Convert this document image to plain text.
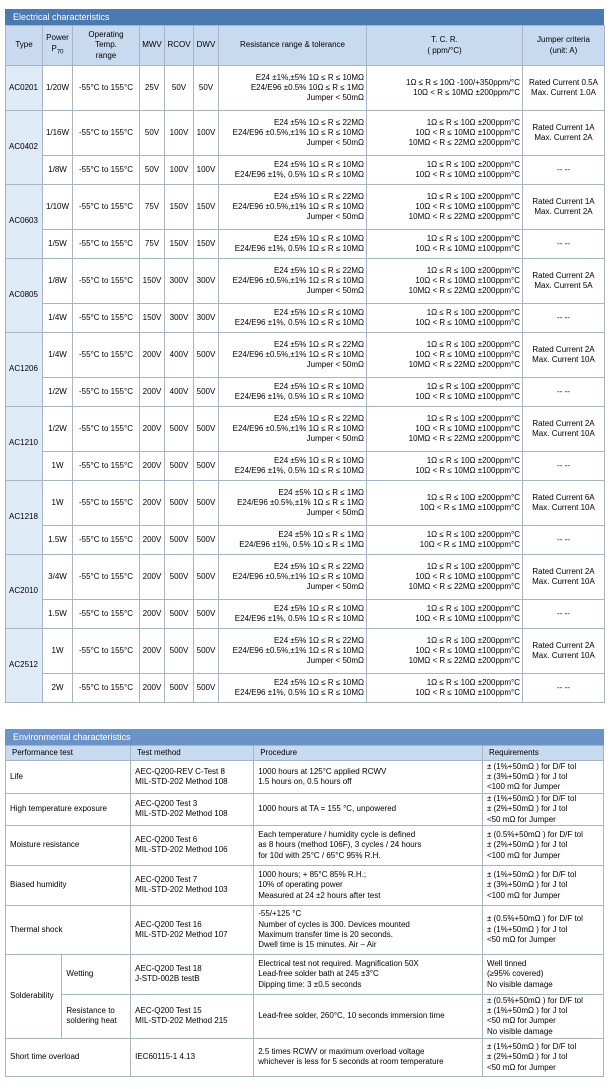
Electrical characteristics
Type	Power
$P_{70}$	Operating
Temp.
range	MWV	RCOV	DWV	Resistance range & tolerance	T. C. R.
( ppm/°C)	Jumper criteria
(unit: A)
AC0201	1/20W	-55°C to 155°C	25V	50V	50V	E24 ±1%,±5% 1Ω ≤ R ≤ 10MΩ
E24/E96 ±0.5% 10Ω ≤ R ≤ 1MΩ
Jumper < 50mΩ	1Ω ≤ R ≤ 10Ω -100/+350ppm/°C
10Ω < R ≤ 10MΩ ±200ppm/°C	Rated Current 0.5A
Max. Current 1.0A
AC0402	1/16W	-55°C to 155°C	50V	100V	100V	E24 ±5% 1Ω ≤ R ≤ 22MΩ
E24/E96 ±0.5%,±1% 1Ω ≤ R ≤ 10MΩ
Jumper < 50mΩ	1Ω ≤ R ≤ 10Ω ±200ppm°C
10Ω < R ≤ 10MΩ ±100ppm°C
10MΩ < R ≤ 22MΩ ±200ppm°C	Rated Current 1A
Max. Current 2A
	1/8W	-55°C to 155°C	50V	100V	100V	E24 ±5% 1Ω ≤ R ≤ 10MΩ
E24/E96 ±1%, 0.5% 1Ω ≤ R ≤ 10MΩ	1Ω ≤ R ≤ 10Ω ±200ppm°C
10Ω < R ≤ 10MΩ ±100ppm°C	-- --
AC0603	1/10W	-55°C to 155°C	75V	150V	150V	E24 ±5% 1Ω ≤ R ≤ 22MΩ
E24/E96 ±0.5%,±1% 1Ω ≤ R ≤ 10MΩ
Jumper < 50mΩ	1Ω ≤ R ≤ 10Ω ±200ppm°C
10Ω < R ≤ 10MΩ ±100ppm°C
10MΩ < R ≤ 22MΩ ±200ppm°C	Rated Current 1A
Max. Current 2A
	1/5W	-55°C to 155°C	75V	150V	150V	E24 ±5% 1Ω ≤ R ≤ 10MΩ
E24/E96 ±1%, 0.5% 1Ω ≤ R ≤ 10MΩ	1Ω ≤ R ≤ 10Ω ±200ppm°C
10Ω < R ≤ 10MΩ ±100ppm°C	-- --
AC0805	1/8W	-55°C to 155°C	150V	300V	300V	E24 ±5% 1Ω ≤ R ≤ 22MΩ
E24/E96 ±0.5%,±1% 1Ω ≤ R ≤ 10MΩ
Jumper < 50mΩ	1Ω ≤ R ≤ 10Ω ±200ppm°C
10Ω < R ≤ 10MΩ ±100ppm°C
10MΩ < R ≤ 22MΩ ±200ppm°C	Rated Current 2A
Max. Current 5A
	1/4W	-55°C to 155°C	150V	300V	300V	E24 ±5% 1Ω ≤ R ≤ 10MΩ
E24/E96 ±1%, 0.5% 1Ω ≤ R ≤ 10MΩ	1Ω ≤ R ≤ 10Ω ±200ppm°C
10Ω < R ≤ 10MΩ ±100ppm°C	-- --
AC1206	1/4W	-55°C to 155°C	200V	400V	500V	E24 ±5% 1Ω ≤ R ≤ 22MΩ
E24/E96 ±0.5%,±1% 1Ω ≤ R ≤ 10MΩ
Jumper < 50mΩ	1Ω ≤ R ≤ 10Ω ±200ppm°C
10Ω < R ≤ 10MΩ ±100ppm°C
10MΩ < R ≤ 22MΩ ±200ppm°C	Rated Current 2A
Max. Current 10A
	1/2W	-55°C to 155°C	200V	400V	500V	E24 ±5% 1Ω ≤ R ≤ 10MΩ
E24/E96 ±1%, 0.5% 1Ω ≤ R ≤ 10MΩ	1Ω ≤ R ≤ 10Ω ±200ppm°C
10Ω < R ≤ 10MΩ ±100ppm°C	-- --
AC1210	1/2W	-55°C to 155°C	200V	500V	500V	E24 ±5% 1Ω ≤ R ≤ 22MΩ
E24/E96 ±0.5%,±1% 1Ω ≤ R ≤ 10MΩ
Jumper < 50mΩ	1Ω ≤ R ≤ 10Ω ±200ppm°C
10Ω < R ≤ 10MΩ ±100ppm°C
10MΩ < R ≤ 22MΩ ±200ppm°C	Rated Current 2A
Max. Current 10A
	1W	-55°C to 155°C	200V	500V	500V	E24 ±5% 1Ω ≤ R ≤ 10MΩ
E24/E96 ±1%, 0.5% 1Ω ≤ R ≤ 10MΩ	1Ω ≤ R ≤ 10Ω ±200ppm°C
10Ω < R ≤ 10MΩ ±100ppm°C	-- --
AC1218	1W	-55°C to 155°C	200V	500V	500V	E24 ±5% 1Ω ≤ R ≤ 1MΩ
E24/E96 ±0.5%,±1% 1Ω ≤ R ≤ 1MΩ
Jumper < 50mΩ	1Ω ≤ R ≤ 10Ω ±200ppm°C
10Ω < R ≤ 1MΩ ±100ppm°C	Rated Current 6A
Max. Current 10A
	1.5W	-55°C to 155°C	200V	500V	500V	E24 ±5% 1Ω ≤ R ≤ 1MΩ
E24/E96 ±1%, 0.5% 1Ω ≤ R ≤ 1MΩ	1Ω ≤ R ≤ 10Ω ±200ppm°C
10Ω < R ≤ 1MΩ ±100ppm°C	-- --
AC2010	3/4W	-55°C to 155°C	200V	500V	500V	E24 ±5% 1Ω ≤ R ≤ 22MΩ
E24/E96 ±0.5%,±1% 1Ω ≤ R ≤ 10MΩ
Jumper < 50mΩ	1Ω ≤ R ≤ 10Ω ±200ppm°C
10Ω < R ≤ 10MΩ ±100ppm°C
10MΩ < R ≤ 22MΩ ±200ppm°C	Rated Current 2A
Max. Current 10A
	1.5W	-55°C to 155°C	200V	500V	500V	E24 ±5% 1Ω ≤ R ≤ 10MΩ
E24/E96 ±1%, 0.5% 1Ω ≤ R ≤ 10MΩ	1Ω ≤ R ≤ 10Ω ±200ppm°C
10Ω < R ≤ 10MΩ ±100ppm°C	-- --
AC2512	1W	-55°C to 155°C	200V	500V	500V	E24 ±5% 1Ω ≤ R ≤ 22MΩ
E24/E96 ±0.5%,±1% 1Ω ≤ R ≤ 10MΩ
Jumper < 50mΩ	1Ω ≤ R ≤ 10Ω ±200ppm°C
10Ω < R ≤ 10MΩ ±100ppm°C
10MΩ < R ≤ 22MΩ ±200ppm°C	Rated Current 2A
Max. Current 10A
	2W	-55°C to 155°C	200V	500V	500V	E24 ±5% 1Ω ≤ R ≤ 10MΩ
E24/E96 ±1%, 0.5% 1Ω ≤ R ≤ 10MΩ	1Ω ≤ R ≤ 10Ω ±200ppm°C
10Ω < R ≤ 10MΩ ±100ppm°C	-- --
Environmental characteristics
Performance test		Test method	Procedure	Requirements
Life		AEC-Q200-REV C-Test 8
MIL-STD-202 Method 108	1000 hours at 125°C applied RCWV
1.5 hours on, 0.5 hours off	± (1%+50mΩ ) for D/F tol
± (3%+50mΩ ) for J tol
<100 mΩ for Jumper
High temperature exposure		AEC-Q200 Test 3
MIL-STD-202 Method 108	1000 hours at TA = 155 °C, unpowered	± (1%+50mΩ ) for D/F tol
± (2%+50mΩ ) for J tol
<50 mΩ for Jumper
Moisture resistance		AEC-Q200 Test 6
MIL-STD-202 Method 106	Each temperature / humidity cycle is defined
as 8 hours (method 106F), 3 cycles / 24 hours
for 10d with 25°C / 65°C 95% R.H.	± (0.5%+50mΩ ) for D/F tol
± (2%+50mΩ ) for J tol
<100 mΩ for Jumper
Biased humidity		AEC-Q200 Test 7
MIL-STD-202 Method 103	1000 hours; + 85°C 85% R.H.;
10% of operating power
Measured at 24 ±2 hours after test	± (1%+50mΩ ) for D/F tol
± (3%+50mΩ ) for J tol
<100 mΩ for Jumper
Thermal shock		AEC-Q200 Test 16
MIL-STD-202 Method 107	-55/+125 °C
Number of cycles is 300. Devices mounted
Maximum transfer time is 20 seconds.
Dwell time is 15 minutes. Air – Air	± (0.5%+50mΩ ) for D/F tol
± (1%+50mΩ ) for J tol
<50 mΩ for Jumper
Solderability	Wetting	AEC-Q200 Test 18
J-STD-002B testB	Electrical test not required. Magnification 50X
Lead-free solder bath at 245 ±3°C
Dipping time: 3 ±0.5 seconds	Well tinned
(≥95% covered)
No visible damage
	Resistance to
soldering heat	AEC-Q200 Test 15
MIL-STD-202 Method 215	Lead-free solder, 260°C, 10 seconds immersion time	± (0.5%+50mΩ ) for D/F tol
± (1%+50mΩ ) for J tol
<50 mΩ for Jumper
No visible damage
Short time overload		IEC60115-1 4.13	2.5 times RCWV or maximum overload voltage
whichever is less for 5 seconds at room temperature	± (1%+50mΩ ) for D/F tol
± (2%+50mΩ ) for J tol
<50 mΩ for Jumper
